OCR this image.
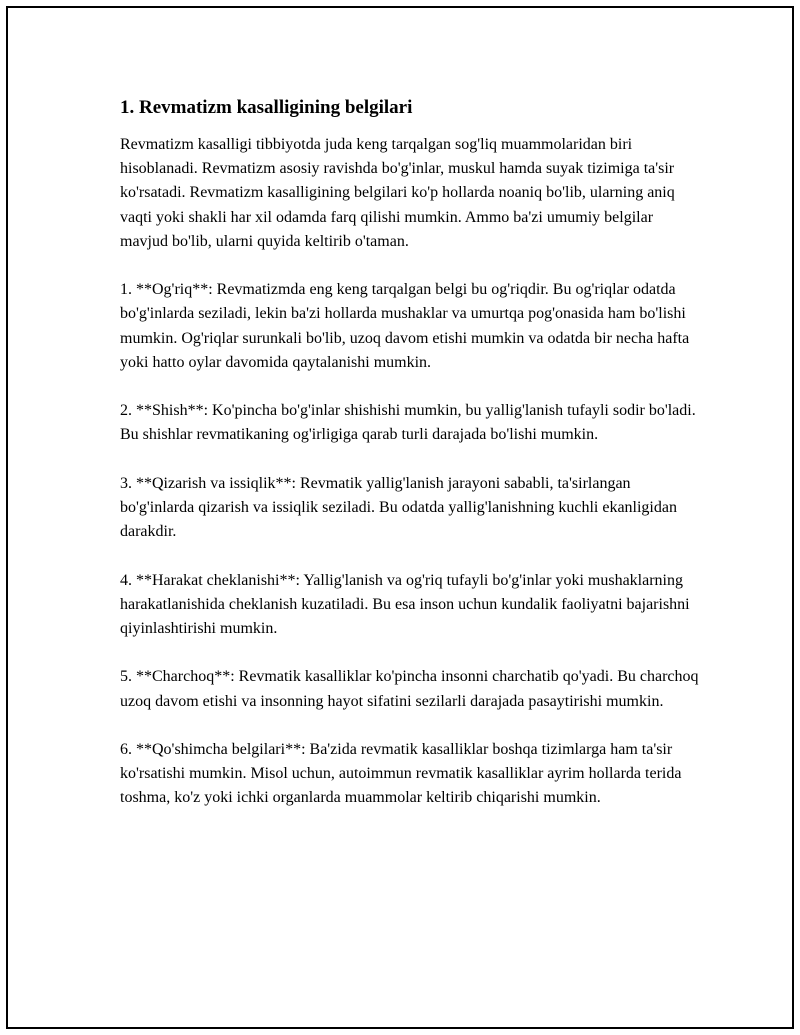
1. Revmatizm kasalligining belgilari

Revmatizm kasalligi tibbiyotda juda keng tarqalgan sog'liq muammolaridan biri hisoblanadi. Revmatizm asosiy ravishda bo'g'inlar, muskul hamda suyak tizimiga ta'sir ko'rsatadi. Revmatizm kasalligining belgilari ko'p hollarda noaniq bo'lib, ularning aniq vaqti yoki shakli har xil odamda farq qilishi mumkin. Ammo ba'zi umumiy belgilar mavjud bo'lib, ularni quyida keltirib o'taman.

1. **Og'riq**: Revmatizmda eng keng tarqalgan belgi bu og'riqdir. Bu og'riqlar odatda bo'g'inlarda seziladi, lekin ba'zi hollarda mushaklar va umurtqa pog'onasida ham bo'lishi mumkin. Og'riqlar surunkali bo'lib, uzoq davom etishi mumkin va odatda bir necha hafta yoki hatto oylar davomida qaytalanishi mumkin.

2. **Shish**: Ko'pincha bo'g'inlar shishishi mumkin, bu yallig'lanish tufayli sodir bo'ladi. Bu shishlar revmatikaning og'irligiga qarab turli darajada bo'lishi mumkin.

3. **Qizarish va issiqlik**: Revmatik yallig'lanish jarayoni sababli, ta'sirlangan bo'g'inlarda qizarish va issiqlik seziladi. Bu odatda yallig'lanishning kuchli ekanligidan darakdir.

4. **Harakat cheklanishi**: Yallig'lanish va og'riq tufayli bo'g'inlar yoki mushaklarning harakatlanishida cheklanish kuzatiladi. Bu esa inson uchun kundalik faoliyatni bajarishni qiyinlashtirishi mumkin.

5. **Charchoq**: Revmatik kasalliklar ko'pincha insonni charchatib qo'yadi. Bu charchoq uzoq davom etishi va insonning hayot sifatini sezilarli darajada pasaytirishi mumkin.

6. **Qo'shimcha belgilari**: Ba'zida revmatik kasalliklar boshqa tizimlarga ham ta'sir ko'rsatishi mumkin. Misol uchun, autoimmun revmatik kasalliklar ayrim hollarda terida toshma, ko'z yoki ichki organlarda muammolar keltirib chiqarishi mumkin.
